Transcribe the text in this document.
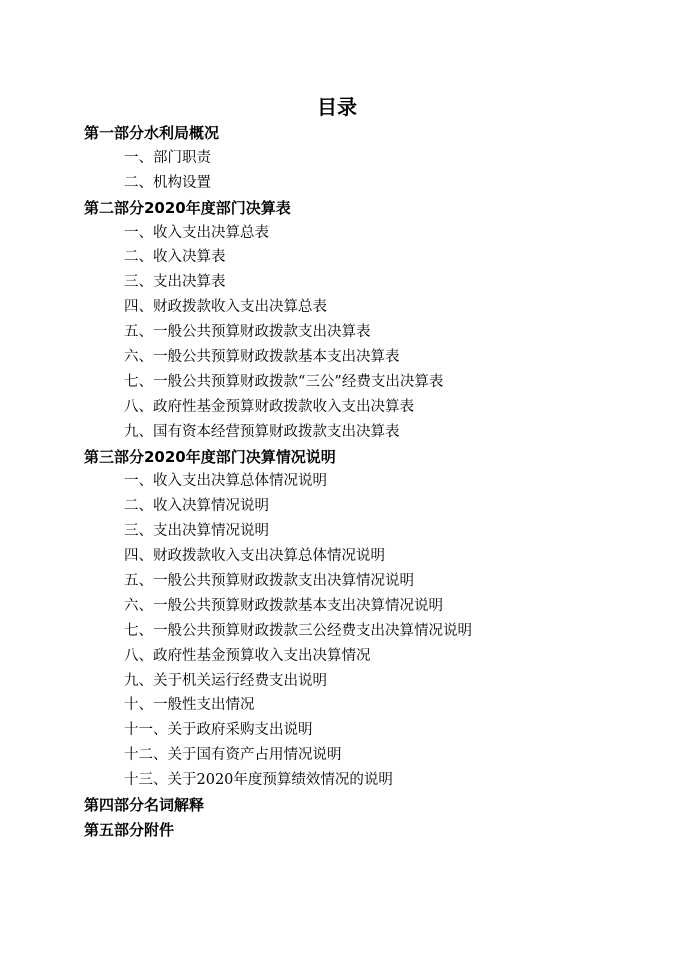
目录
第一部分水利局概况
一、部门职责
二、机构设置
第二部分2020年度部门决算表
一、收入支出决算总表
二、收入决算表
三、支出决算表
四、财政拨款收入支出决算总表
五、一般公共预算财政拨款支出决算表
六、一般公共预算财政拨款基本支出决算表
七、一般公共预算财政拨款“三公”经费支出决算表
八、政府性基金预算财政拨款收入支出决算表
九、国有资本经营预算财政拨款支出决算表
第三部分2020年度部门决算情况说明
一、收入支出决算总体情况说明
二、收入决算情况说明
三、支出决算情况说明
四、财政拨款收入支出决算总体情况说明
五、一般公共预算财政拨款支出决算情况说明
六、一般公共预算财政拨款基本支出决算情况说明
七、一般公共预算财政拨款三公经费支出决算情况说明
八、政府性基金预算收入支出决算情况
九、关于机关运行经费支出说明
十、一般性支出情况
十一、关于政府采购支出说明
十二、关于国有资产占用情况说明
十三、关于2020年度预算绩效情况的说明
第四部分名词解释
第五部分附件
